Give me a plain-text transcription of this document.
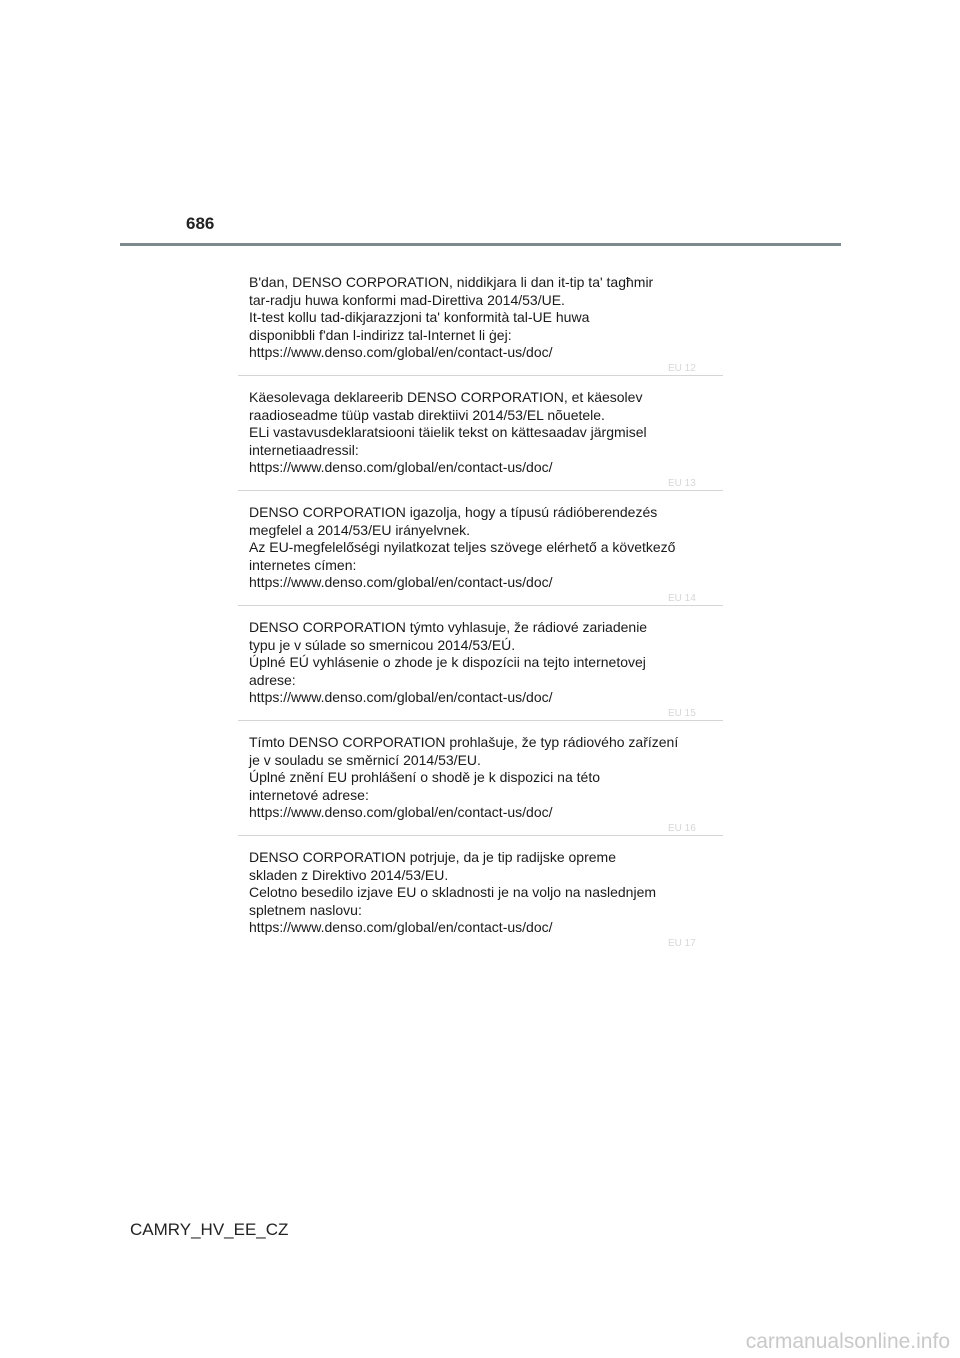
686
B'dan, DENSO CORPORATION, niddikjara li dan it-tip ta' tagħmir
tar-radju huwa konformi mad-Direttiva 2014/53/UE.
It-test kollu tad-dikjarazzjoni ta' konformità tal-UE huwa
disponibbli f'dan l-indirizz tal-Internet li ġej:
https://www.denso.com/global/en/contact-us/doc/
EU 12
Käesolevaga deklareerib DENSO CORPORATION, et käesolev
raadioseadme tüüp vastab direktiivi 2014/53/EL nõuetele.
ELi vastavusdeklaratsiooni täielik tekst on kättesaadav järgmisel
internetiaadressil:
https://www.denso.com/global/en/contact-us/doc/
EU 13
DENSO CORPORATION igazolja, hogy a típusú rádióberendezés
megfelel a 2014/53/EU irányelvnek.
Az EU-megfelelőségi nyilatkozat teljes szövege elérhető a következő
internetes címen:
https://www.denso.com/global/en/contact-us/doc/
EU 14
DENSO CORPORATION týmto vyhlasuje, že rádiové zariadenie
typu je v súlade so smernicou 2014/53/EÚ.
Úplné EÚ vyhlásenie o zhode je k dispozícii na tejto internetovej
adrese:
https://www.denso.com/global/en/contact-us/doc/
EU 15
Tímto DENSO CORPORATION prohlašuje, že typ rádiového zařízení
je v souladu se směrnicí 2014/53/EU.
Úplné znění EU prohlášení o shodě je k dispozici na této
internetové adrese:
https://www.denso.com/global/en/contact-us/doc/
EU 16
DENSO CORPORATION potrjuje, da je tip radijske opreme
skladen z Direktivo 2014/53/EU.
Celotno besedilo izjave EU o skladnosti je na voljo na naslednjem
spletnem naslovu:
https://www.denso.com/global/en/contact-us/doc/
EU 17
CAMRY_HV_EE_CZ
carmanualsonline.info
